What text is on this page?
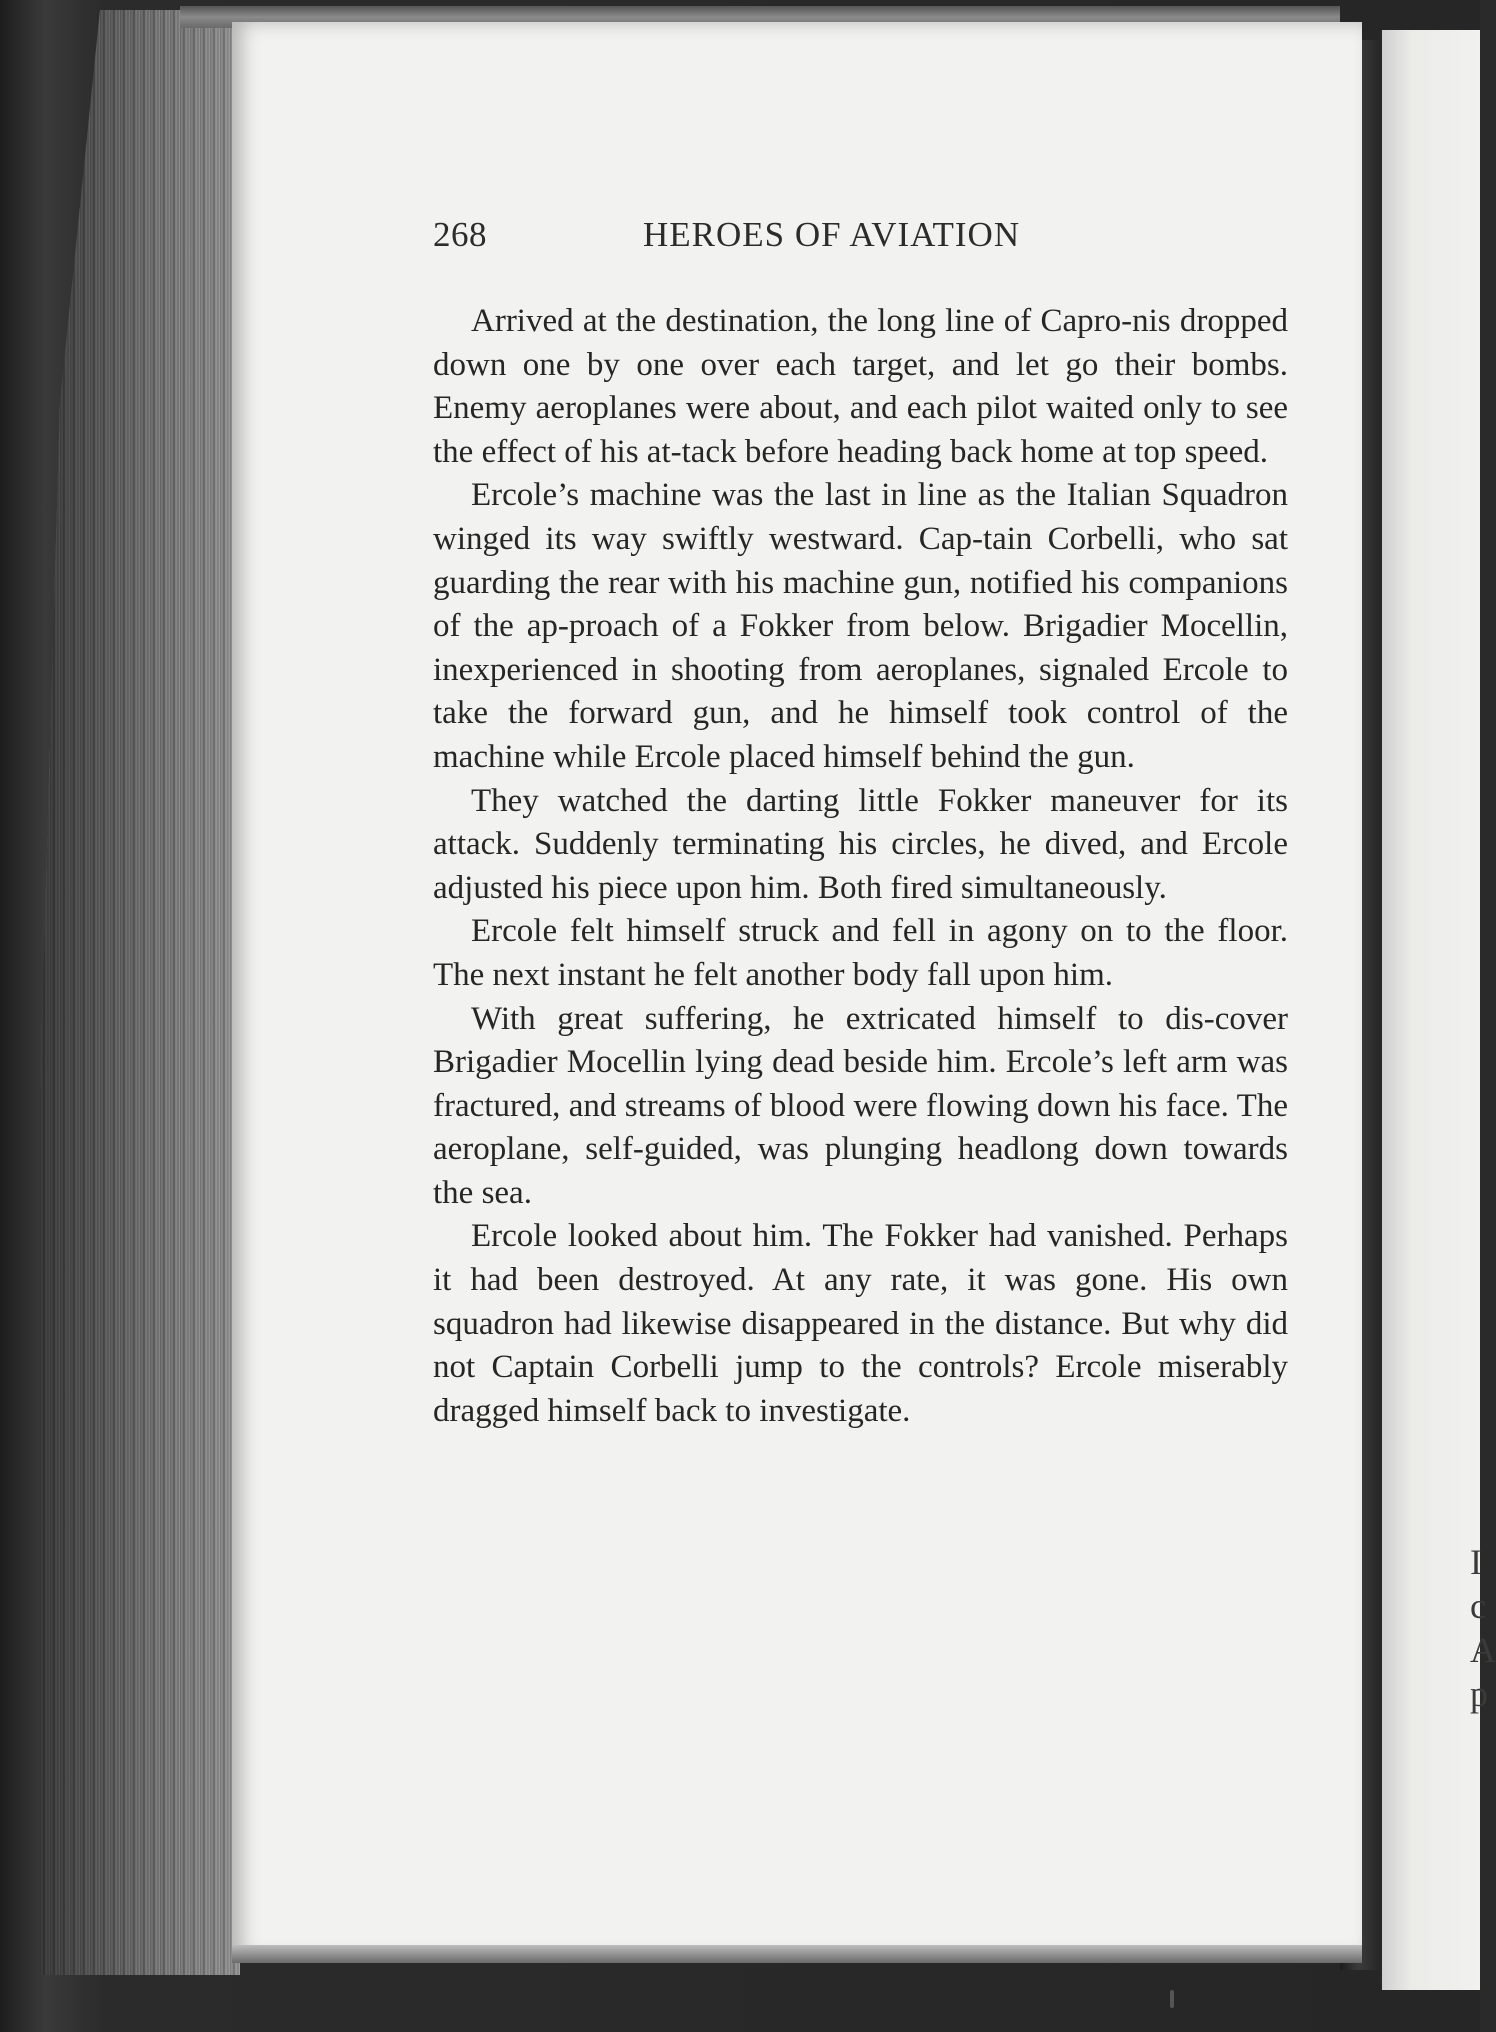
I
c
A
p
268	HEROES OF AVIATION

Arrived at the destination, the long line of Capro-nis dropped down one by one over each target, and let go their bombs. Enemy aeroplanes were about, and each pilot waited only to see the effect of his at-tack before heading back home at top speed.

Ercole’s machine was the last in line as the Italian Squadron winged its way swiftly westward. Cap-tain Corbelli, who sat guarding the rear with his machine gun, notified his companions of the ap-proach of a Fokker from below. Brigadier Mocellin, inexperienced in shooting from aeroplanes, signaled Ercole to take the forward gun, and he himself took control of the machine while Ercole placed himself behind the gun.

They watched the darting little Fokker maneuver for its attack. Suddenly terminating his circles, he dived, and Ercole adjusted his piece upon him. Both fired simultaneously.

Ercole felt himself struck and fell in agony on to the floor. The next instant he felt another body fall upon him.

With great suffering, he extricated himself to dis-cover Brigadier Mocellin lying dead beside him. Ercole’s left arm was fractured, and streams of blood were flowing down his face. The aeroplane, self-guided, was plunging headlong down towards the sea.

Ercole looked about him. The Fokker had vanished. Perhaps it had been destroyed. At any rate, it was gone. His own squadron had likewise disappeared in the distance. But why did not Captain Corbelli jump to the controls? Ercole miserably dragged himself back to investigate.
